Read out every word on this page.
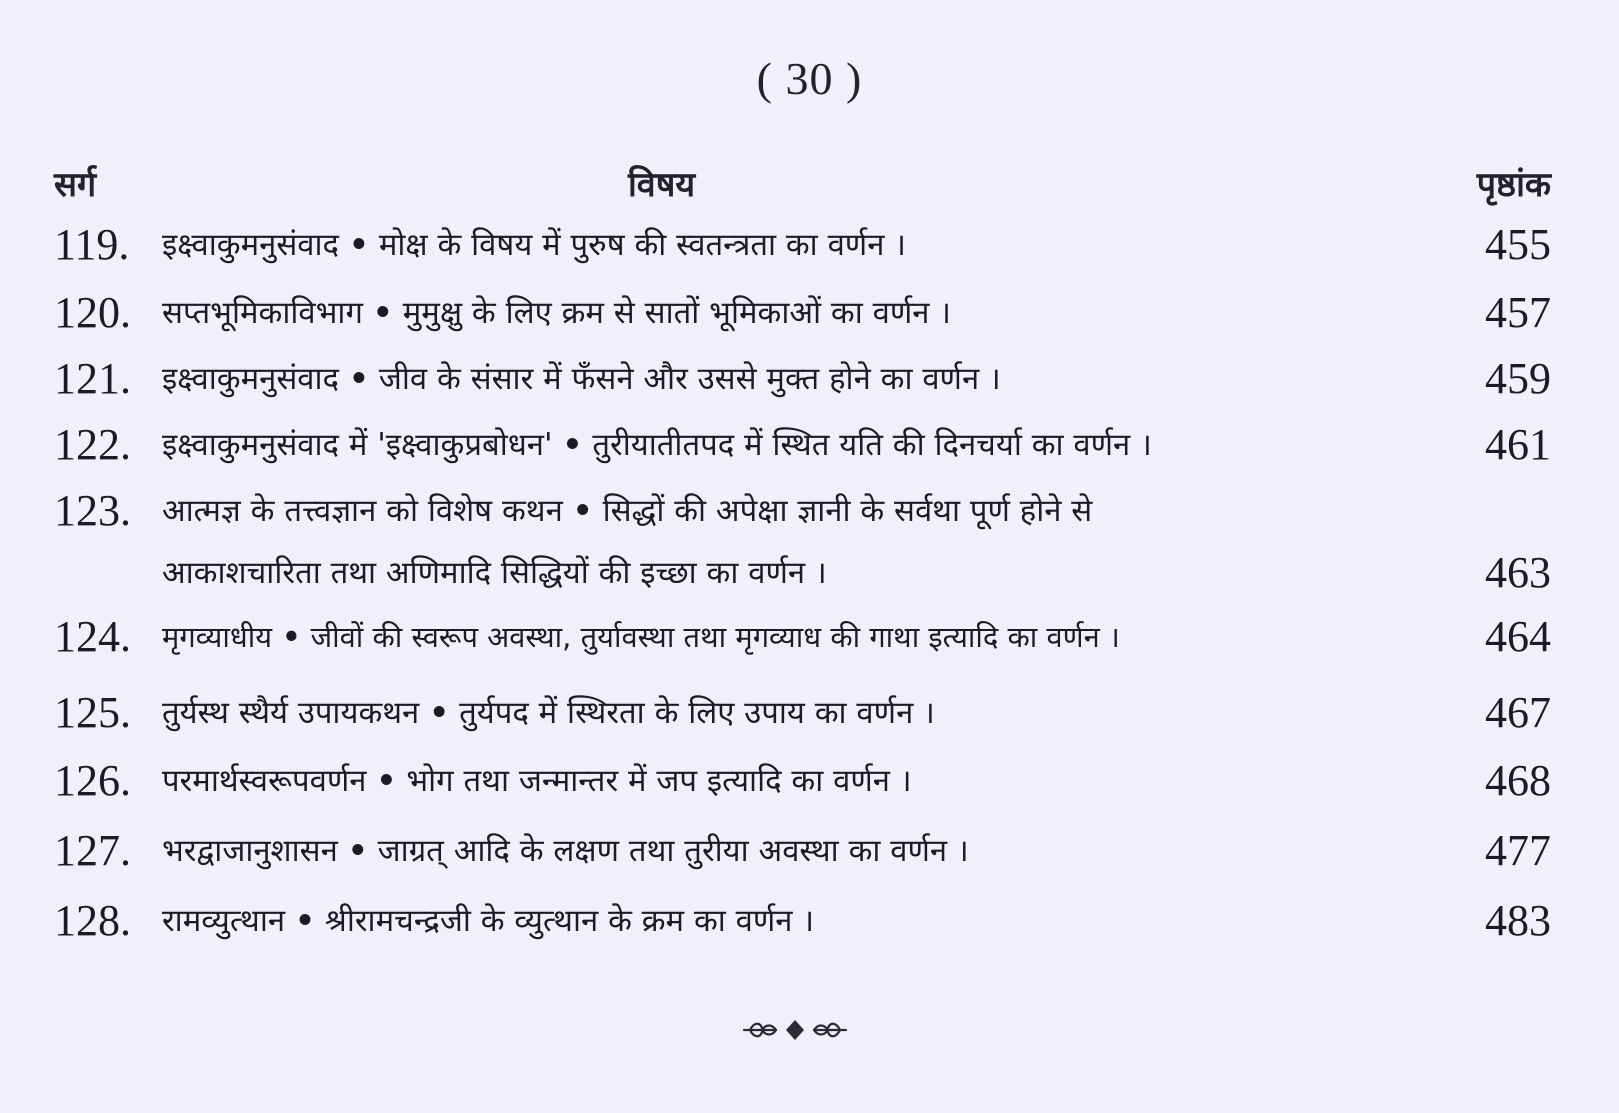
( 30 )
सर्ग	विषय	पृष्ठांक
119. इक्ष्वाकुमनुसंवाद • मोक्ष के विषय में पुरुष की स्वतन्त्रता का वर्णन ।	455
120. सप्तभूमिकाविभाग • मुमुक्षु के लिए क्रम से सातों भूमिकाओं का वर्णन ।	457
121. इक्ष्वाकुमनुसंवाद • जीव के संसार में फँसने और उससे मुक्त होने का वर्णन ।	459
122. इक्ष्वाकुमनुसंवाद में 'इक्ष्वाकुप्रबोधन' • तुरीयातीतपद में स्थित यति की दिनचर्या का वर्णन ।	461
123. आत्मज्ञ के तत्त्वज्ञान को विशेष कथन • सिद्धों की अपेक्षा ज्ञानी के सर्वथा पूर्ण होने से
आकाशचारिता तथा अणिमादि सिद्धियों की इच्छा का वर्णन ।	463
124. मृगव्याधीय • जीवों की स्वरूप अवस्था, तुर्यावस्था तथा मृगव्याध की गाथा इत्यादि का वर्णन ।	464
125. तुर्यस्थ स्थैर्य उपायकथन • तुर्यपद में स्थिरता के लिए उपाय का वर्णन ।	467
126. परमार्थस्वरूपवर्णन • भोग तथा जन्मान्तर में जप इत्यादि का वर्णन ।	468
127. भरद्वाजानुशासन • जाग्रत् आदि के लक्षण तथा तुरीया अवस्था का वर्णन ।	477
128. रामव्युत्थान • श्रीरामचन्द्रजी के व्युत्थान के क्रम का वर्णन ।	483
